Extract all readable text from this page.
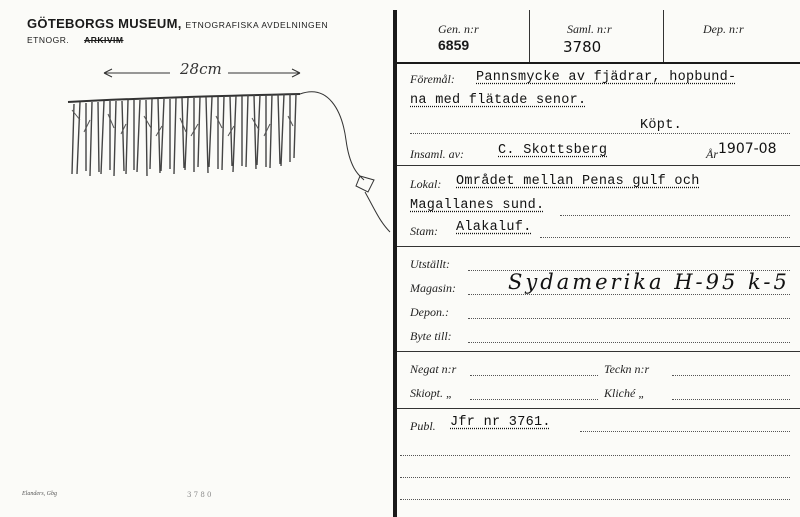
GÖTEBORGS MUSEUM, ETNOGRAFISKA AVDELNINGEN
ETNOGR. ARKIVIM
28cm
Elanders, Gbg	3 7 8 0
Gen. n:r
6859
Saml. n:r
3780
Dep. n:r
Föremål: Pannsmycke av fjädrar, hopbund-
na med flätade senor.
Köpt.
Insaml. av:	C. Skottsberg	År 1907-08
Lokal: Området mellan Penas gulf och
Magallanes sund.
Stam: Alakaluf.
Utställt:
Magasin: Sydamerika H-95 k-5
Depon.:
Byte till:
Negat n:r	Teckn n:r
Skiopt. „	Kliché „
Publ. Jfr nr 3761.
